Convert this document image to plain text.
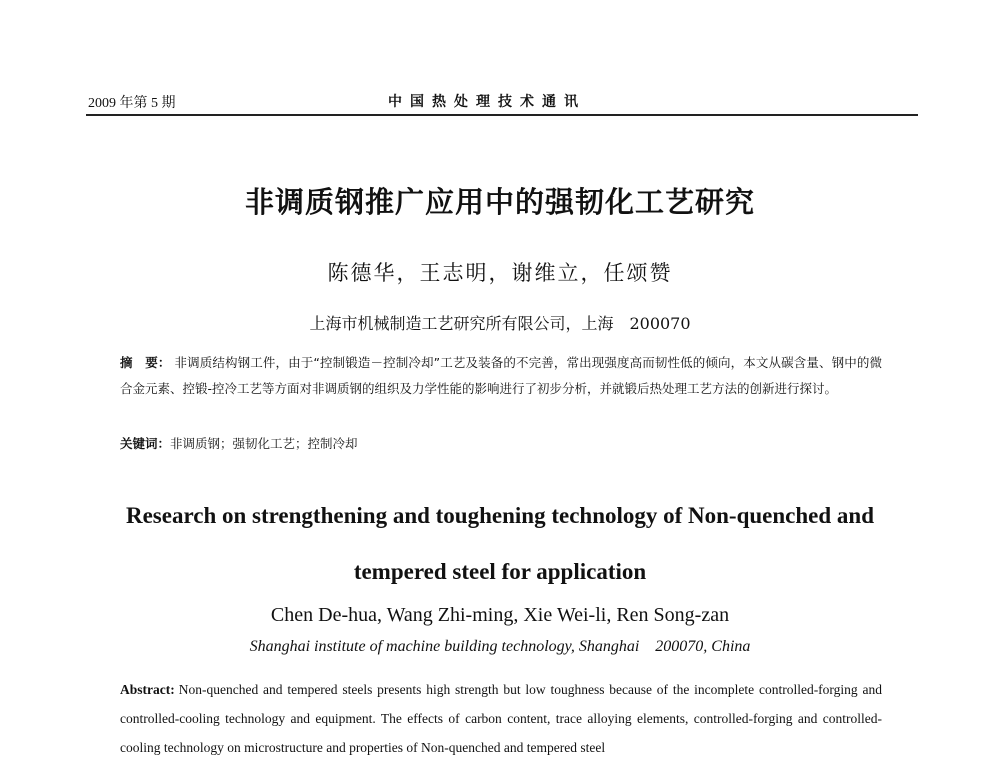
2009 年第 5 期	中国热处理技术通讯
非调质钢推广应用中的强韧化工艺研究
陈德华，王志明，谢维立，任颂赞
上海市机械制造工艺研究所有限公司，上海　200070
摘　要： 非调质结构钢工件，由于“控制锻造－控制冷却”工艺及装备的不完善，常出现强度高而韧性低的倾向，本文从碳含量、钢中的微合金元素、控锻-控冷工艺等方面对非调质钢的组织及力学性能的影响进行了初步分析，并就锻后热处理工艺方法的创新进行探讨。
关键词：非调质钢；强韧化工艺；控制冷却
Research on strengthening and toughening technology of Non-quenched and tempered steel for application
Chen De-hua, Wang Zhi-ming, Xie Wei-li, Ren Song-zan
Shanghai institute of machine building technology, Shanghai　200070, China
Abstract: Non-quenched and tempered steels presents high strength but low toughness because of the incomplete controlled-forging and controlled-cooling technology and equipment. The effects of carbon content, trace alloying elements, controlled-forging and controlled-cooling technology on microstructure and properties of Non-quenched and tempered steel
